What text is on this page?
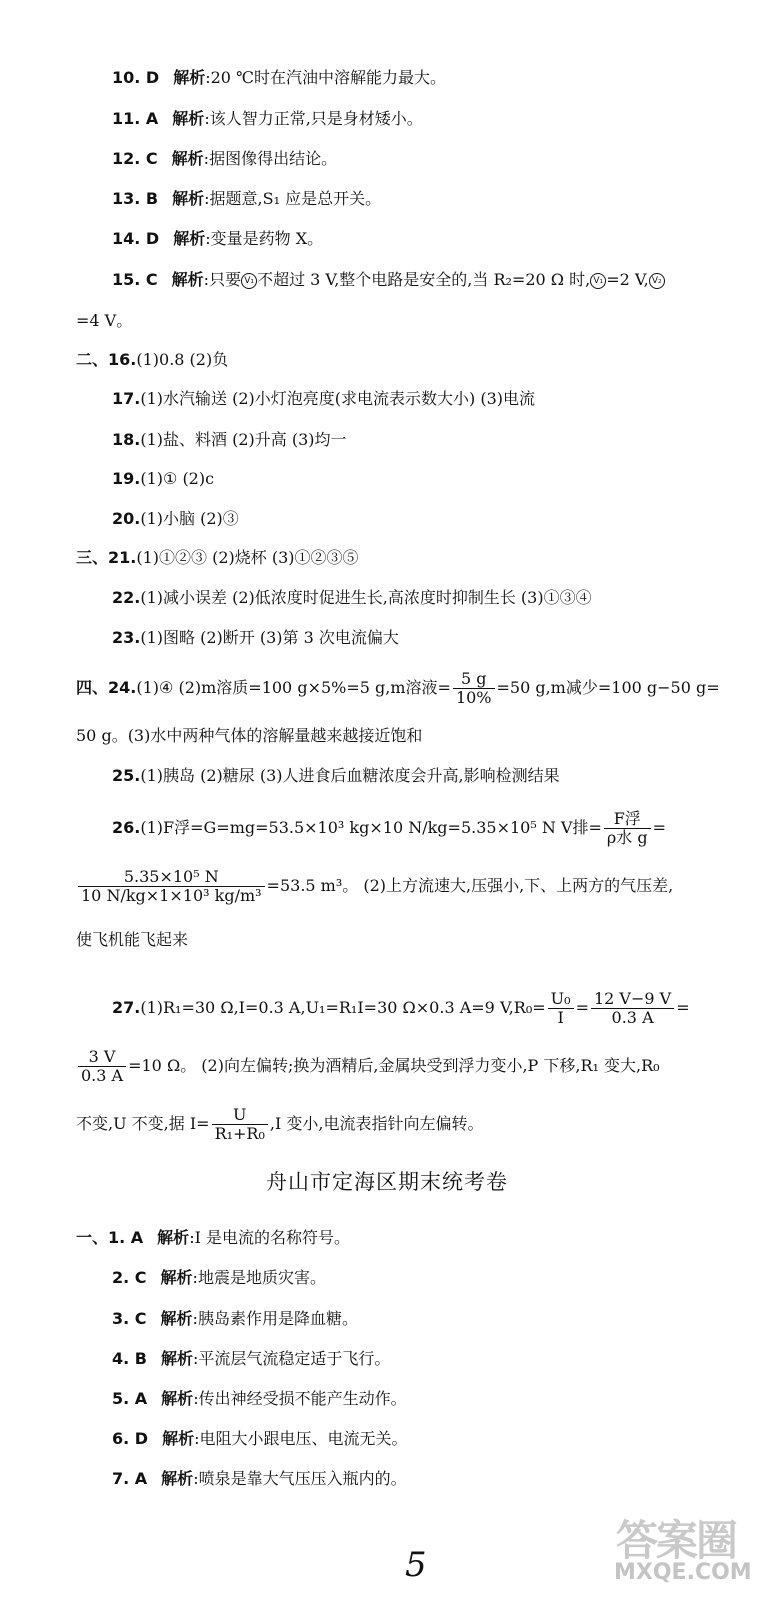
10. D 解析:20 ℃时在汽油中溶解能力最大。
11. A 解析:该人智力正常,只是身材矮小。
12. C 解析:据图像得出结论。
13. B 解析:据题意,S₁ 应是总开关。
14. D 解析:变量是药物 X。
15. C 解析:只要 V₁ 不超过 3 V,整个电路是安全的,当 R₂=20 Ω 时, V₁ =2 V, V₂
=4 V。
二、16.(1)0.8 (2)负
17.(1)水汽输送 (2)小灯泡亮度(求电流表示数大小) (3)电流
18.(1)盐、料酒 (2)升高 (3)均一
19.(1)① (2)c
20.(1)小脑 (2)③
三、21.(1)①②③ (2)烧杯 (3)①②③⑤
22.(1)减小误差 (2)低浓度时促进生长,高浓度时抑制生长 (3)①③④
23.(1)图略 (2)断开 (3)第 3 次电流偏大
四、24.(1)④ (2)m溶质=100 g×5%=5 g,m溶液= $\frac{5 g}{10\%} =50$ g,m减少=100 g−50 g=
50 g。(3)水中两种气体的溶解量越来越接近饱和
25.(1)胰岛 (2)糖尿 (3)人进食后血糖浓度会升高,影响检测结果
26.(1)F浮=G=mg=53.5×10³ kg×10 N/kg=5.35×10⁵ N V排= $\frac{\text{F浮}}{\text{ρ水 g}}$ =
$\frac{\text{5.35×10⁵ N}}{\text{10 N/kg×1×10³ kg/m³}} =53.5$ m³。 (2)上方流速大,压强小,下、上两方的气压差,
使飞机能飞起来
27.(1)R₁=30 Ω,I=0.3 A,U₁=R₁I=30 Ω×0.3 A=9 $V,R_0= \frac{\text{U₀}}{I} = \frac{12 V-9 V}{0.3 A}$ =
$\frac{3 V}{0.3 A} =10$ Ω。 (2)向左偏转;换为酒精后,金属块受到浮力变小,P 下移,R₁ 变大,R₀
不变,U 不变,据 $I= \frac{U}{\text{R₁+R₀}} ,I$ 变小,电流表指针向左偏转。
舟山市定海区期末统考卷
一、1. A 解析:I 是电流的名称符号。
2. C 解析:地震是地质灾害。
3. C 解析:胰岛素作用是降血糖。
4. B 解析:平流层气流稳定适于飞行。
5. A 解析:传出神经受损不能产生动作。
6. D 解析:电阻大小跟电压、电流无关。
7. A 解析:喷泉是靠大气压压入瓶内的。
5	答案圈
MXQE.COM
